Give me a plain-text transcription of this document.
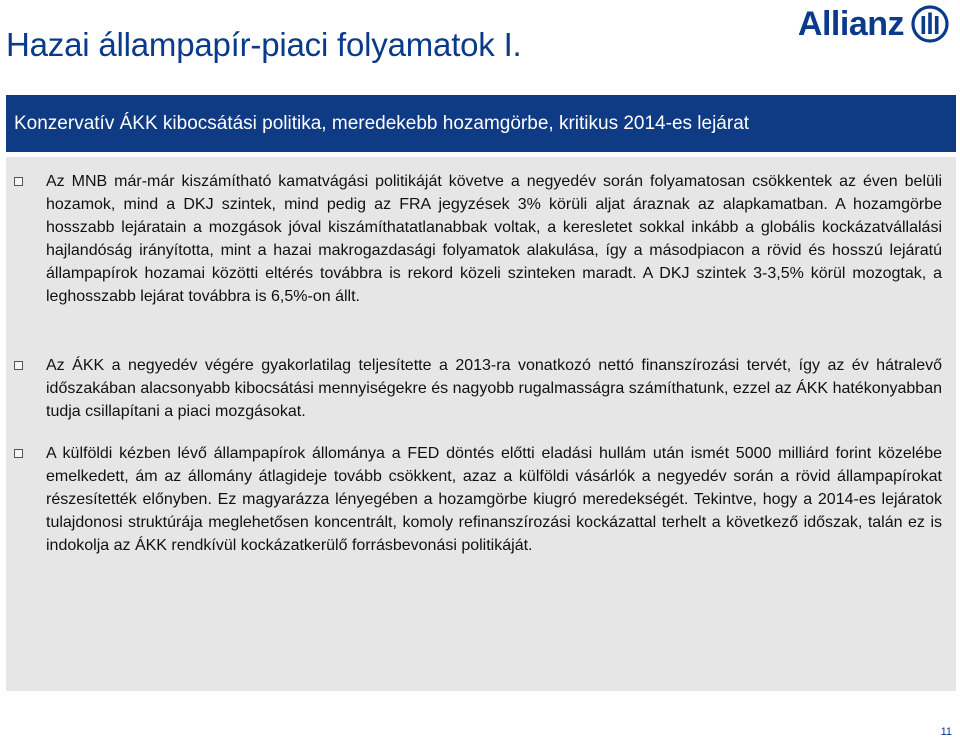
Hazai állampapír-piaci folyamatok I.
Allianz
Konzervatív ÁKK kibocsátási politika, meredekebb hozamgörbe, kritikus 2014-es lejárat
Az MNB már-már kiszámítható kamatvágási politikáját követve a negyedév során folyamatosan csökkentek az éven belüli hozamok, mind a DKJ szintek, mind pedig az FRA jegyzések 3% körüli aljat áraznak az alapkamatban. A hozamgörbe hosszabb lejáratain a mozgások jóval kiszámíthatatlanabbak voltak, a keresletet sokkal inkább a globális kockázatvállalási hajlandóság irányította, mint a hazai makrogazdasági folyamatok alakulása, így a másodpiacon a rövid és hosszú lejáratú állampapírok hozamai közötti eltérés továbbra is rekord közeli szinteken maradt. A DKJ szintek 3-3,5% körül mozogtak, a leghosszabb lejárat továbbra is 6,5%-on állt.
Az ÁKK a negyedév végére gyakorlatilag teljesítette a 2013-ra vonatkozó nettó finanszírozási tervét, így az év hátralevő időszakában alacsonyabb kibocsátási mennyiségekre és nagyobb rugalmasságra számíthatunk, ezzel az ÁKK hatékonyabban tudja csillapítani a piaci mozgásokat.
A külföldi kézben lévő állampapírok állománya a FED döntés előtti eladási hullám után ismét 5000 milliárd forint közelébe emelkedett, ám az állomány átlagideje tovább csökkent, azaz a külföldi vásárlók a negyedév során a rövid állampapírokat részesítették előnyben. Ez magyarázza lényegében a hozamgörbe kiugró meredekségét. Tekintve, hogy a 2014-es lejáratok tulajdonosi struktúrája meglehetősen koncentrált, komoly refinanszírozási kockázattal terhelt a következő időszak, talán ez is indokolja az ÁKK rendkívül kockázatkerülő forrásbevonási politikáját.
11
